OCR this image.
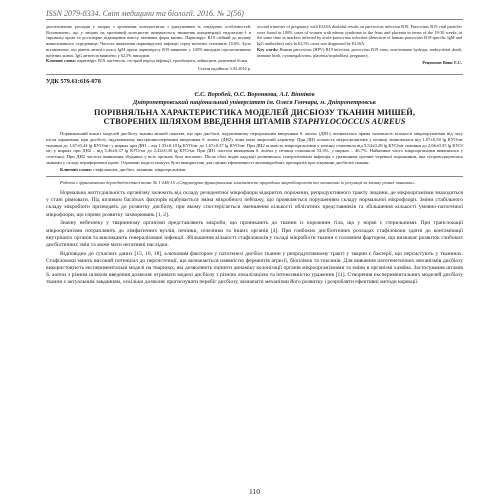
ISSN 2079-8334. Світ медицини та біології. 2016. № 2(56)

диспепсичних розладів у хворих з хронічним холециститом з урахуванням їх гендерних особливостей. Встановлено, що у хворих на хронічний холецистит визначається зниження концентрації ендотеліну-1 в сироватці крові та достовірне підвищення вмісту активних форм кисню. Парвовірус В19 стійкий до впливу навколишнього середовища. Частота виявлення парвовірусної інфекції серед вагітних становить 15,6%. Було встановлено, що рівень антитіл класу IgM проти парвовірусу В19 виявлено у 100% випадків серопозитивних вагітних жінок, IgG антитіла виявлено у 62,5% випадків.

Ключові слова: парвовірус B19, вагітність, гострий період інфекції, тромбоцити, лейкоцити, реактивні білки.

Стаття надійшла 3.03.2016 р.

second trimester of pregnancy with ELISA doubtful results on parvovirus infection B19. Parvovirus B19 viral particles were found in 100% cases of women with edema syndrome in the fetus and placenta in terms of the 18-30 weeks, at the same time as markers infected by acute parvovirus infection (detection of human parvovirus B19-specific IgM and IgG antibodies) only in 62,5% cases was diagnosed by ELISA.

Key words: Human parvovirus (HPV) B19 infection, parvovirus B19 virus, non-immune hydrops, embryofetal death, immune birth, cytomegalovirus, placenta/trophoblast, pregnancy.

Рецензент Вовк Є.С.
УДК 579.61:616-078
Є.С. Воробей, О.С. Воронкова, А.І. Вінніков
Дніпропетровський національний університет ім. Олеся Гончара, м. Дніпропетровськ
ПОРІВНЯЛЬНА ХАРАКТЕРИСТИКА МОДЕЛЕЙ ДИСБІОЗУ ТКАНИН МИШЕЙ,
СТВОРЕНИХ ШЛЯХОМ ВВЕДЕННЯ ШТАМІВ STAPHYLOCOCCUS AUREUS

Порівняльний аналіз моделей дисбіозу тканин мишей показав, що при дисбіозі, індукованому пероральним введенням S. aureus (ДН1), визначалась пряма залежність кількості мікроорганізмів від часу після зараження; при дисбіозі, індукованому внутрішньочеревним введенням S. aureus (ДН2), вона мала зворотній характер. При ДН1 кількість мікроорганізмів у печінці змінювалася від 1,07±0,50 lg КУО/мг тканини до 1,67±0,44 lg КУО/мг; у нирках при ДН1 – від 1,35±0,10 lg КУО/мг до 1,67±0,37 lg КУО/мг. При ДН2 кількість мікроорганізмів у печінці становила від 5,54±0,28 lg КУО/мг тканини до 2,66±0,35 lg КУО/мг; у нирках при ДН2 – від 3,46±0,37 lg КУО/мг до 2,42±0,30 lg КУО/мг. При ДН1 частота виявлення S. aureus у печінці становила 53,3%, у нирках – 46,7%. Найменше часто мікроорганізми виявлялись у селезінці. При ДН2 частота виявлення збудника у всіх органах була високою. Після обох видів індукції розвивалась генералізована інфекція з ураженням органів черевної порожнини, яка супроводжувалась змінами у складі периферичної крові. Отримані моделі можуть бути використані для оцінки ефективності антимікробних препаратів при лікуванні дисбіозів тканин.

Ключові слова: стафілококи, дисбіоз, тканини, мікроорганізми.

Робота є фрагментом держбюджетної теми № 1-246-15 «Структурно-функціональні властивості природних мікробіоценозів та механізми їх регуляції за впливу різних чинників».

Нормальна життєдіяльність організму залежить від складу резидентної мікрофлори відкритих порожнин, репродуктивного тракту людини, де мікроорганізми знаходяться у стані рівноваги. Під впливом багатьох факторів відбувається зміна мікробного пейзажу, що проявляється порушенням складу нормальної мікрофлори. Зміни стабільного складу мікробіоти призводять до розвитку дисбіозу, при якому спостерігається зменшення кількості облігатних представників та збільшення кількості умовно-патогенної мікрофлори, що сприяє розвитку захворювань [1, 2].

Значну небезпеку у тваринному організмі представляють мікроби, що проникають до тканин із порожнин тіла, що у нормі є стерильними. При транслокації мікроорганізми потрапляють до лімфатичних вузлів, печінки, селезінки та інших органів [4]. При глибоких дисбіотичних розладах стафілококи здатні до контамінації внутрішніх органів та викликають генералізовані інфекції. Збільшення кількості стафілококів у складі мікробіоти тканин є головним фактором, що визначає розвиток глибоких дисбіотичних змін та може мати негативні наслідки.

Відповідно до сучасних даних [15, 16, 18], ключовим фактором у патогенезі дисбіоз тканин у репродуктивному тракті у тварин є бактерії, що персистують у тканинах. Стафілококи мають високий потенціал до персистенції, що визначається наявністю ферментів агресії, біоплівок та токсинів. Для вивчення патогенетичних механізмів дисбіозу використовують експериментальні моделі на тваринах, які дозволяють оцінити динаміку колонізації органів мікроорганізмами та зміни в організмі хазяїна. Застосування штамів S. aureus з різним шляхом введення дозволяє отримати моделі дисбіозу з різною локалізацією та інтенсивністю ураження [11]. Створення експериментальних моделей дисбіозу тканин є актуальним завданням, оскільки дозволяє прогнозувати перебіг дисбіозу, визначати механізми його розвитку і розробляти ефективні методи корекції.

110
